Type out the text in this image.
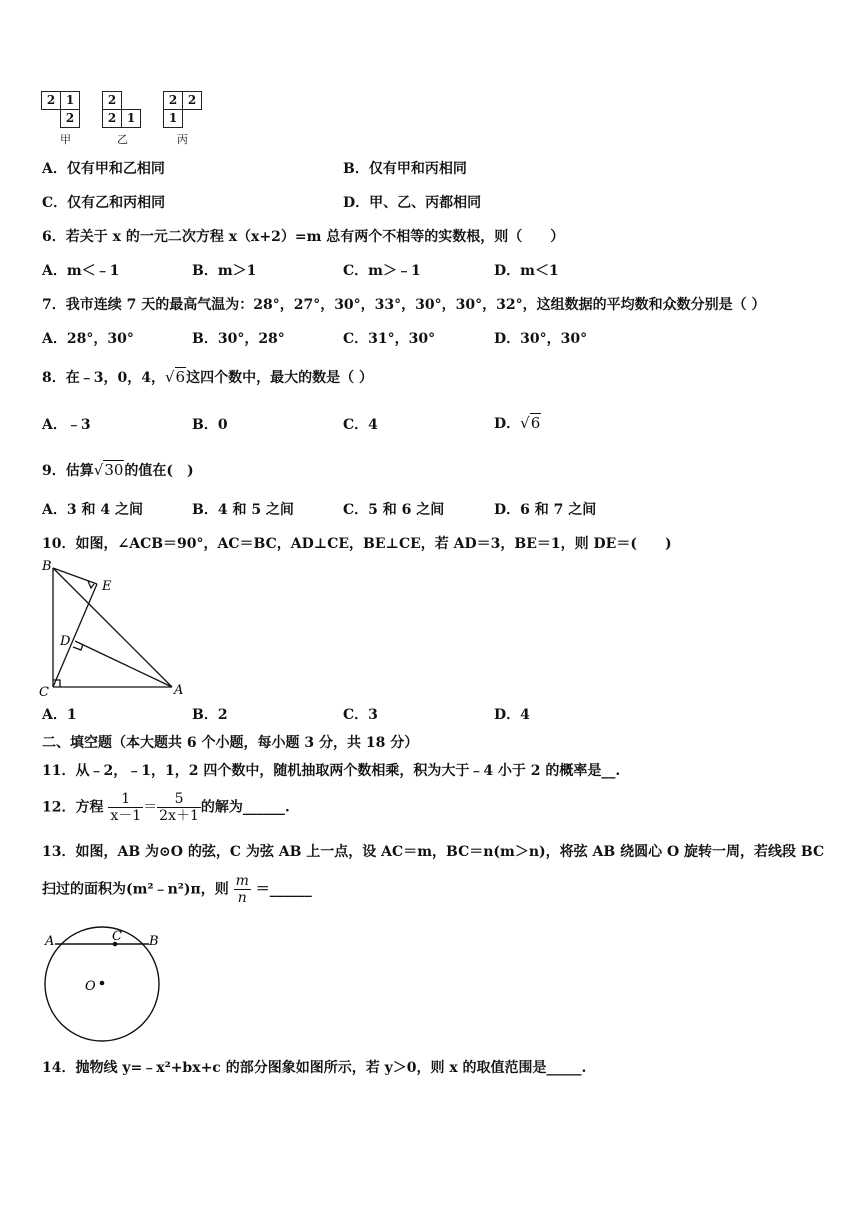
2 1
2
甲
2
2 1
乙
2 2
1
丙
A．仅有甲和乙相同	B．仅有甲和丙相同
C．仅有乙和丙相同	D．甲、乙、丙都相同
6．若关于 x 的一元二次方程 x（x+2）=m 总有两个不相等的实数根，则（　　）
A．m＜﹣1	B．m＞1	C．m＞﹣1	D．m＜1
7．我市连续 7 天的最高气温为：28°，27°，30°，33°，30°，30°，32°，这组数据的平均数和众数分别是（ ）
A．28°，30°	B．30°，28°	C．31°，30°	D．30°，30°
8．在﹣3，0，4，√6这四个数中，最大的数是（ ）
A．﹣3	B．0	C．4	D．√6
9．估算√30的值在(　)
A．3 和 4 之间	B．4 和 5 之间	C．5 和 6 之间	D．6 和 7 之间
10．如图，∠ACB＝90°，AC＝BC，AD⊥CE，BE⊥CE，若 AD＝3，BE＝1，则 DE＝(　　)
B
E
D
C	A
A．1	B．2	C．3	D．4
二、填空题（本大题共 6 个小题，每小题 3 分，共 18 分）
11．从﹣2，﹣1，1，2 四个数中，随机抽取两个数相乘，积为大于﹣4 小于 2 的概率是__.
12．方程 $\frac{1}{x-1} = \frac{5}{2x+1}$ 的解为______.
13．如图，AB 为⊙O 的弦，C 为弦 AB 上一点，设 AC＝m，BC＝n(m＞n)，将弦 AB 绕圆心 O 旋转一周，若线段 BC
扫过的面积为(m²﹣n²)π，则 $\frac{m}{n}$ ＝______
A	C B
O
14．抛物线 y=﹣x²+bx+c 的部分图象如图所示，若 y＞0，则 x 的取值范围是_____.
